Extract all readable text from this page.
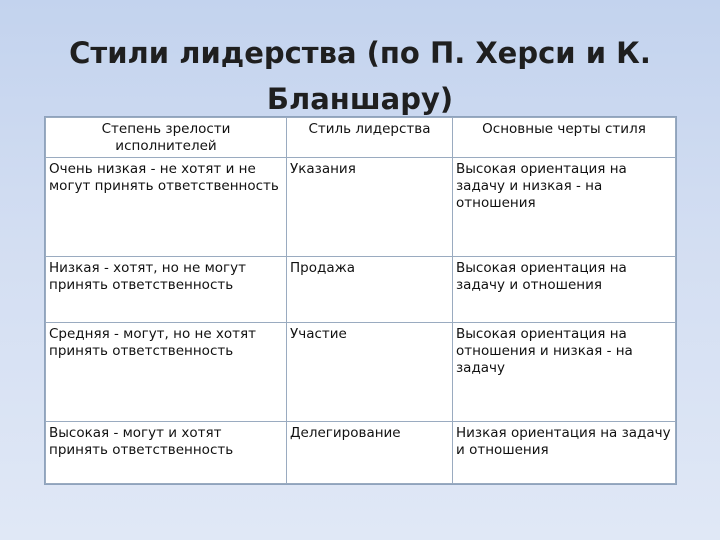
Стили лидерства (по П. Херси и К. Бланшару)
Степень зрелости исполнителей	Стиль лидерства	Основные черты стиля
Очень низкая - не хотят и не могут принять ответственность	Указания	Высокая ориентация на задачу и низкая - на отношения
Низкая - хотят, но не могут принять ответственность	Продажа	Высокая ориентация на задачу и отношения
Средняя - могут, но не хотят принять ответственность	Участие	Высокая ориентация на отношения и низкая - на задачу
Высокая - могут и хотят принять ответственность	Делегирование	Низкая ориентация на задачу и отношения
